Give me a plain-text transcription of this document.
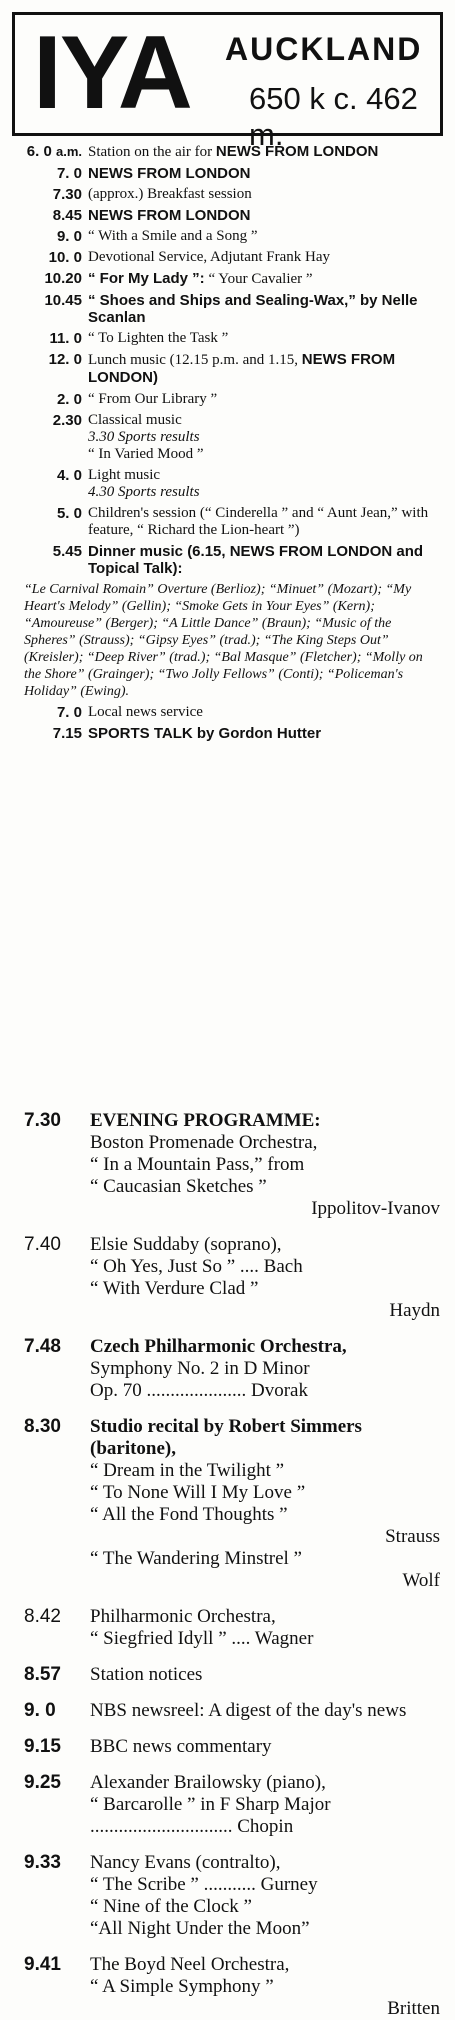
IYA AUCKLAND
650 k c. 462 m.
6. 0 a.m. Station on the air for NEWS FROM LONDON
7. 0 NEWS FROM LONDON
7.30 (approx.) Breakfast session
8.45 NEWS FROM LONDON
9. 0 “ With a Smile and a Song ”
10. 0 Devotional Service, Adjutant Frank Hay
10.20 “ For My Lady ”: “ Your Cavalier ”
10.45 “ Shoes and Ships and Sealing-Wax,” by Nelle Scanlan
11. 0 “ To Lighten the Task ”
12. 0 Lunch music (12.15 p.m. and 1.15, NEWS FROM LONDON)
2. 0 “ From Our Library ”
2.30 Classical music
3.30 Sports results
“ In Varied Mood ”
4. 0 Light music
4.30 Sports results
5. 0 Children's session (“ Cinderella ” and “ Aunt Jean,” with feature, “ Richard the Lion-heart ”)
5.45 Dinner music (6.15, NEWS FROM LONDON and Topical Talk):
“Le Carnival Romain” Overture (Berlioz); “Minuet” (Mozart); “My Heart's Melody” (Gellin); “Smoke Gets in Your Eyes” (Kern); “Amoureuse” (Berger); “A Little Dance” (Braun); “Music of the Spheres” (Strauss); “Gipsy Eyes” (trad.); “The King Steps Out” (Kreisler); “Deep River” (trad.); “Bal Masque” (Fletcher); “Molly on the Shore” (Grainger); “Two Jolly Fellows” (Conti); “Policeman's Holiday” (Ewing).
7. 0 Local news service
7.15 SPORTS TALK by Gordon Hutter
7.30	EVENING PROGRAMME:
Boston Promenade Orchestra,
“ In a Mountain Pass,” from
“ Caucasian Sketches ”
Ippolitov-Ivanov
7.40	Elsie Suddaby (soprano),
“ Oh Yes, Just So ” .... Bach
“ With Verdure Clad ”
Haydn
7.48	Czech Philharmonic Orchestra,
Symphony No. 2 in D Minor
Op. 70 ..................... Dvorak
8.30	Studio recital by Robert Simmers (baritone),
“ Dream in the Twilight ”
“ To None Will I My Love ”
“ All the Fond Thoughts ”
Strauss
“ The Wandering Minstrel ”
Wolf
8.42	Philharmonic Orchestra,
“ Siegfried Idyll ” .... Wagner
8.57	Station notices
9. 0	NBS newsreel: A digest of the day's news
9.15	BBC news commentary
9.25	Alexander Brailowsky (piano),
“ Barcarolle ” in F Sharp Major .............................. Chopin
9.33	Nancy Evans (contralto),
“ The Scribe ” ........... Gurney
“ Nine of the Clock ”
“All Night Under the Moon”
9.41	The Boyd Neel Orchestra,
“ A Simple Symphony ”
Britten
